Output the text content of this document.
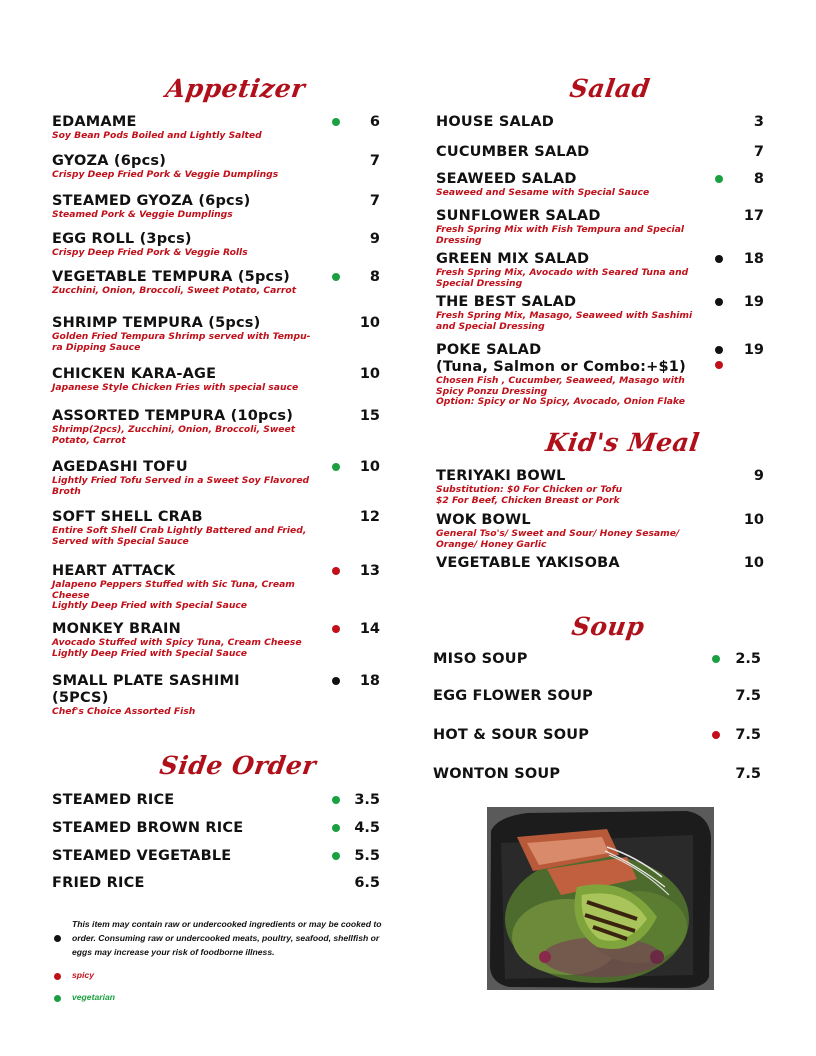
Appetizer
EDAMAME
Soy Bean Pods Boiled and Lightly Salted
6
GYOZA (6pcs)
Crispy Deep Fried Pork & Veggie Dumplings
7
STEAMED GYOZA (6pcs)
Steamed Pork & Veggie Dumplings
7
EGG ROLL (3pcs)
Crispy Deep Fried Pork & Veggie Rolls
9
VEGETABLE TEMPURA (5pcs)
Zucchini, Onion, Broccoli, Sweet Potato, Carrot
8
SHRIMP TEMPURA (5pcs)
Golden Fried Tempura Shrimp served with Tempu-
ra Dipping Sauce
10
CHICKEN KARA-AGE
Japanese Style Chicken Fries with special sauce
10
ASSORTED TEMPURA (10pcs)
Shrimp(2pcs), Zucchini, Onion, Broccoli, Sweet
Potato, Carrot
15
AGEDASHI TOFU
Lightly Fried Tofu Served in a Sweet Soy Flavored
Broth
10
SOFT SHELL CRAB
Entire Soft Shell Crab Lightly Battered and Fried,
Served with Special Sauce
12
HEART ATTACK
Jalapeno Peppers Stuffed with Sic Tuna, Cream
Cheese
Lightly Deep Fried with Special Sauce
13
MONKEY BRAIN
Avocado Stuffed with Spicy Tuna, Cream Cheese
Lightly Deep Fried with Special Sauce
14
SMALL PLATE SASHIMI
(5PCS)
Chef's Choice Assorted Fish
18
Side Order
STEAMED RICE	3.5
STEAMED BROWN RICE	4.5
STEAMED VEGETABLE	5.5
FRIED RICE	6.5
This item may contain raw or undercooked ingredients or may be cooked to
order. Consuming raw or undercooked meats, poultry, seafood, shellfish or
eggs may increase your risk of foodborne illness.
spicy
vegetarian
Salad
HOUSE SALAD	3
CUCUMBER SALAD	7
SEAWEED SALAD
Seaweed and Sesame with Special Sauce
8
SUNFLOWER SALAD
Fresh Spring Mix with Fish Tempura and Special
Dressing
17
GREEN MIX SALAD
Fresh Spring Mix, Avocado with Seared Tuna and
Special Dressing
18
THE BEST SALAD
Fresh Spring Mix, Masago, Seaweed with Sashimi
and Special Dressing
19
POKE SALAD
(Tuna, Salmon or Combo:+$1)
Chosen Fish , Cucumber, Seaweed, Masago with
Spicy Ponzu Dressing
Option: Spicy or No Spicy, Avocado, Onion Flake
19
Kid's Meal
TERIYAKI BOWL
Substitution: $0 For Chicken or Tofu
$2 For Beef, Chicken Breast or Pork
9
WOK BOWL
General Tso's/ Sweet and Sour/ Honey Sesame/
Orange/ Honey Garlic
10
VEGETABLE YAKISOBA	10
Soup
MISO SOUP	2.5
EGG FLOWER SOUP	7.5
HOT & SOUR SOUP	7.5
WONTON SOUP	7.5
